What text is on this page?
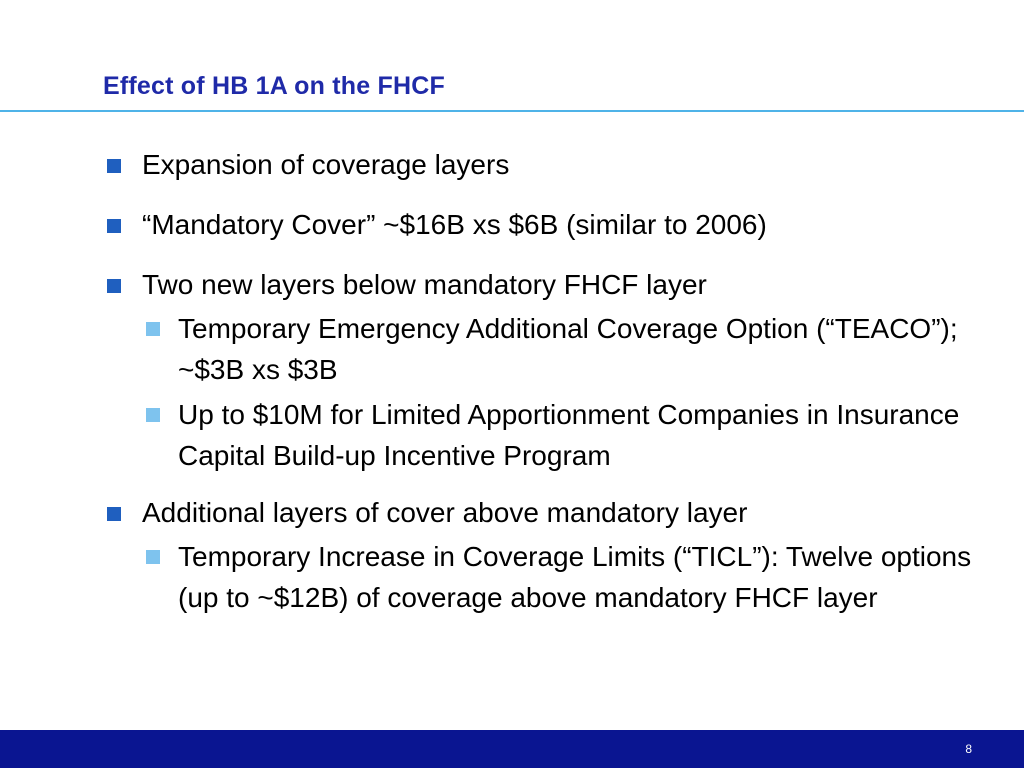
Effect of HB 1A on the FHCF
Expansion of coverage layers
“Mandatory Cover” ~$16B xs $6B (similar to 2006)
Two new layers below mandatory FHCF layer
Temporary Emergency Additional Coverage Option (“TEACO”); ~$3B xs $3B
Up to $10M for Limited Apportionment Companies in Insurance Capital Build-up Incentive Program
Additional layers of cover above mandatory layer
Temporary Increase in Coverage Limits (“TICL”): Twelve options (up to ~$12B) of coverage above mandatory FHCF layer
8
